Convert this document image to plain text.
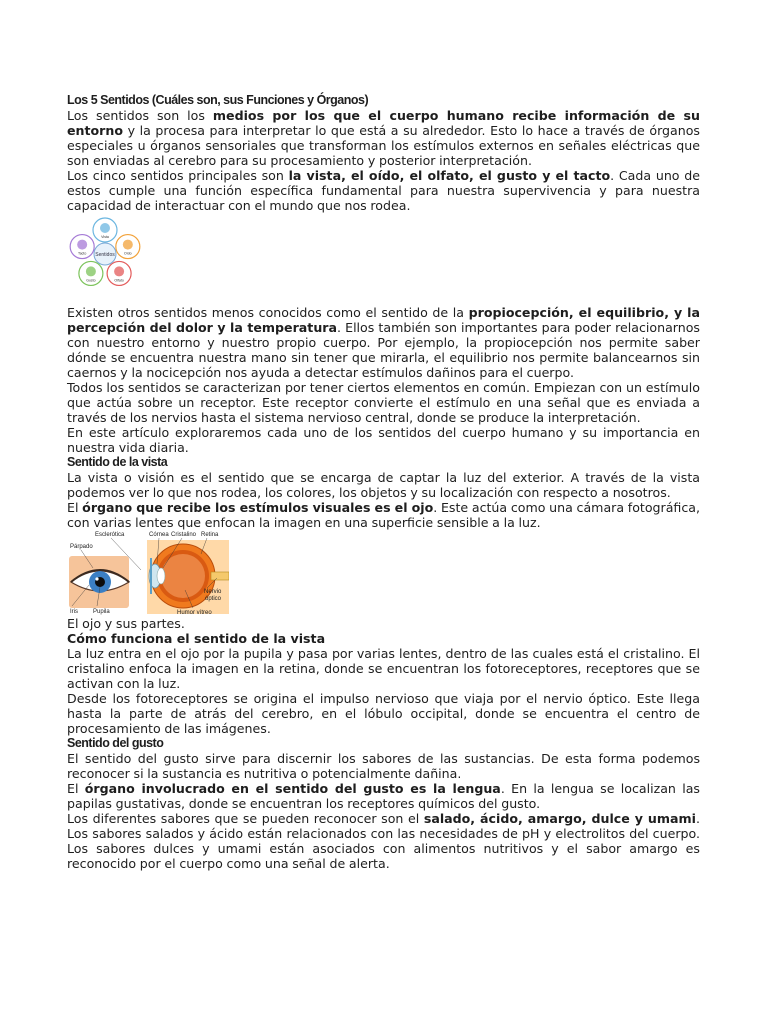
Los 5 Sentidos (Cuáles son, sus Funciones y Órganos)

Los sentidos son los medios por los que el cuerpo humano recibe información de su entorno y la procesa para interpretar lo que está a su alrededor. Esto lo hace a través de órganos especiales u órganos sensoriales que transforman los estímulos externos en señales eléctricas que son enviadas al cerebro para su procesamiento y posterior interpretación.

Los cinco sentidos principales son la vista, el oído, el olfato, el gusto y el tacto. Cada uno de estos cumple una función específica fundamental para nuestra supervivencia y para nuestra capacidad de interactuar con el mundo que nos rodea.

Vista
Oído
Olfato
Gusto
Tacto Sentidos

Existen otros sentidos menos conocidos como el sentido de la propiocepción, el equilibrio, y la percepción del dolor y la temperatura. Ellos también son importantes para poder relacionarnos con nuestro entorno y nuestro propio cuerpo. Por ejemplo, la propiocepción nos permite saber dónde se encuentra nuestra mano sin tener que mirarla, el equilibrio nos permite balancearnos sin caernos y la nocicepción nos ayuda a detectar estímulos dañinos para el cuerpo.

Todos los sentidos se caracterizan por tener ciertos elementos en común. Empiezan con un estímulo que actúa sobre un receptor. Este receptor convierte el estímulo en una señal que es enviada a través de los nervios hasta el sistema nervioso central, donde se produce la interpretación.

En este artículo exploraremos cada uno de los sentidos del cuerpo humano y su importancia en nuestra vida diaria.

Sentido de la vista

La vista o visión es el sentido que se encarga de captar la luz del exterior. A través de la vista podemos ver lo que nos rodea, los colores, los objetos y su localización con respecto a nosotros.

El órgano que recibe los estímulos visuales es el ojo. Este actúa como una cámara fotográfica, con varias lentes que enfocan la imagen en una superficie sensible a la luz.

Esclerótica	Córnea Cristalino Retina
Párpado
Nervio
óptico
Iris	Pupila	Humor vítreo

El ojo y sus partes.

Cómo funciona el sentido de la vista

La luz entra en el ojo por la pupila y pasa por varias lentes, dentro de las cuales está el cristalino. El cristalino enfoca la imagen en la retina, donde se encuentran los fotoreceptores, receptores que se activan con la luz.

Desde los fotoreceptores se origina el impulso nervioso que viaja por el nervio óptico. Este llega hasta la parte de atrás del cerebro, en el lóbulo occipital, donde se encuentra el centro de procesamiento de las imágenes.

Sentido del gusto

El sentido del gusto sirve para discernir los sabores de las sustancias. De esta forma podemos reconocer si la sustancia es nutritiva o potencialmente dañina.

El órgano involucrado en el sentido del gusto es la lengua. En la lengua se localizan las papilas gustativas, donde se encuentran los receptores químicos del gusto.

Los diferentes sabores que se pueden reconocer son el salado, ácido, amargo, dulce y umami. Los sabores salados y ácido están relacionados con las necesidades de pH y electrolitos del cuerpo. Los sabores dulces y umami están asociados con alimentos nutritivos y el sabor amargo es reconocido por el cuerpo como una señal de alerta.
